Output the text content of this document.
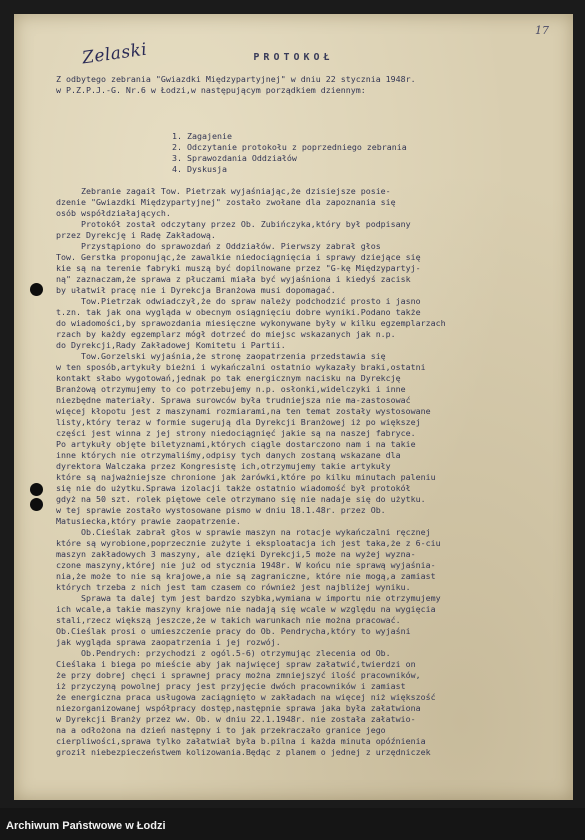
Zelaski
17
PROTOKOŁ
Z odbytego zebrania "Gwiazdki Międzypartyjnej" w dniu 22 stycznia 1948r.
w P.Z.P.J.-G. Nr.6 w Łodzi,w następującym porządkiem dziennym:
1. Zagajenie
2. Odczytanie protokołu z poprzedniego zebrania
3. Sprawozdania Oddziałów
4. Dyskusja
Zebranie zagaił Tow. Pietrzak wyjaśniając,że dzisiejsze posie-
dzenie "Gwiazdki Międzypartyjnej" zostało zwołane dla zapoznania się
osób współdziałających.
Protokół został odczytany przez Ob. Zubińczyka,który był podpisany
przez Dyrekcję i Radę Zakładową.
Przystąpiono do sprawozdań z Oddziałów. Pierwszy zabrał głos
Tow. Gerstka proponując,że zawalkie niedociągnięcia i sprawy dziejące się
kie są na terenie fabryki muszą być dopilnowane przez "G-kę Międzypartyj-
ną" zaznaczam,że sprawa z płuczami miała być wyjaśniona i kiedyś zacisk
by ułatwił pracę nie i Dyrekcja Branżowa musi dopomagać.
Tow.Pietrzak odwiadczył,że do spraw należy podchodzić prosto i jasno
t.zn. tak jak ona wygląda w obecnym osiągnięciu dobre wyniki.Podano także
do wiadomości,by sprawozdania miesięczne wykonywane były w kilku egzemplarzach
rzach by każdy egzemplarz mógł dotrzeć do miejsc wskazanych jak n.p.
do Dyrekcji,Rady Zakładowej Komitetu i Partii.
Tow.Gorzelski wyjaśnia,że stronę zaopatrzenia przedstawia się
w ten sposób,artykuły bieżni i wykańczalni ostatnio wykazały braki,ostatni
kontakt słabo wygotowań,jednak po tak energicznym nacisku na Dyrekcję
Branżową otrzymujemy to co potrzebujemy n.p. osłonki,widelczyki i inne
niezbędne materiały. Sprawa surowców była trudniejsza nie ma-zastosować
więcej kłopotu jest z maszynami rozmiarami,na ten temat zostały wystosowane
listy,który teraz w formie sugerują dla Dyrekcji Branżowej iż po większej
części jest winna z jej strony niedociągnięć jakie są na naszej fabryce.
Po artykuły objęte biletyznami,których ciągle dostarczono nam i na takie
inne których nie otrzymaliśmy,odpisy tych danych zostaną wskazane dla
dyrektora Walczaka przez Kongresistę ich,otrzymujemy takie artykuły
które są najważniejsze chronione jak żarówki,które po kilku minutach paleniu
się nie do użytku.Sprawa izolacji także ostatnio wiadomość był protokół
gdyż na 50 szt. rolek piętowe cele otrzymano się nie nadaje się do użytku.
w tej sprawie zostało wystosowane pismo w dniu 18.1.48r. przez Ob.
Matusiecka,który prawie zaopatrzenie.
Ob.Cieślak zabrał głos w sprawie maszyn na rotacje wykańczalni ręcznej
które są wyrobione,poprzecznie zużyte i eksploatacja ich jest taka,że z 6-ciu
maszyn zakładowych 3 maszyny, ale dzięki Dyrekcji,5 może na wyżej wyzna-
czone maszyny,której nie już od stycznia 1948r. W końcu nie sprawą wyjaśnia-
nia,że może to nie są krajowe,a nie są zagraniczne, które nie mogą,a zamiast
których trzeba z nich jest tam czasem co również jest najbliżej wyniku.
Sprawa ta dalej tym jest bardzo szybka,wymiana w importu nie otrzymujemy
ich wcale,a takie maszyny krajowe nie nadają się wcale w względu na wygięcia
stali,rzecz większą jeszcze,że w takich warunkach nie można pracować.
Ob.Cieślak prosi o umieszczenie pracy do Ob. Pendrycha,który to wyjaśni
jak wygląda sprawa zaopatrzenia i jej rozwój.
Ob.Pendrych: przychodzi z ogól.5-6) otrzymując zlecenia od Ob.
Cieślaka i biega po mieście aby jak najwięcej spraw załatwić,twierdzi on
że przy dobrej chęci i sprawnej pracy można zmniejszyć ilość pracowników,
iż przyczyną powolnej pracy jest przyjęcie dwóch pracowników i zamiast
że energiczna praca usługowa zaciągnięto w zakładach na więcej niż większość
niezorganizowanej współpracy dostęp,następnie sprawa jaka była załatwiona
w Dyrekcji Branży przez ww. Ob. w dniu 22.1.1948r. nie została załatwio-
na a odłożona na dzień następny i to jak przekraczało granice jego
cierpliwości,sprawa tylko załatwiał była b.pilna i każda minuta opóźnienia
groził niebezpieczeństwem kolizowania.Będąc z planem o jednej z urzędniczek
Archiwum Państwowe w Łodzi
